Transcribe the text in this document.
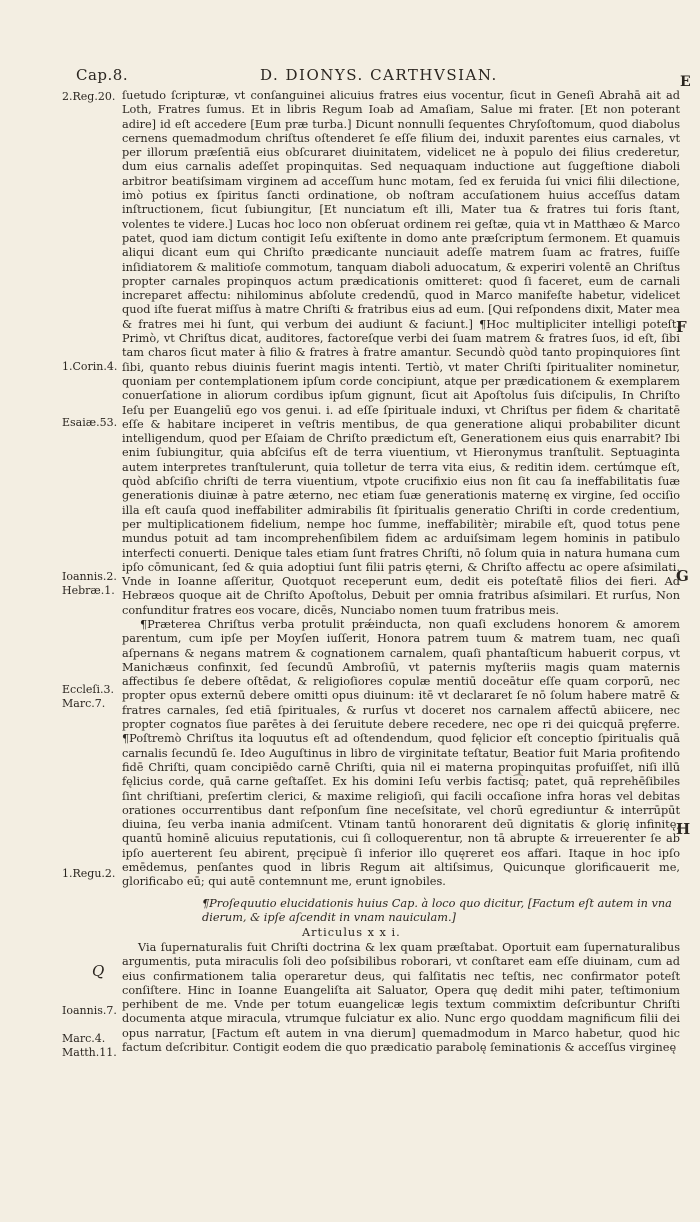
Cap.8.	D. DIONYS. CARTHVSIAN.	E
F
G
H
2.Reg.20.
1.Corin.4.
Esaiæ.53.
Ioannis.2.
Hebræ.1.
Eccleſi.3.
Marc.7.
1.Regu.2.
Ioannis.7.
Marc.4.
Matth.11.

ſuetudo ſcripturæ, vt conſanguinei alicuius fratres eius vocentur, ſicut in Geneſi Abrahā ait ad Loth, Fratres ſumus. Et in libris Regum Ioab ad Amaſiam, Salue mi frater. [Et non poterant adire] id eſt accedere [Eum præ turba.] Dicunt nonnulli ſequentes Chryſoſtomum, quod diabolus cernens quemadmodum chriſtus oſtenderet ſe eſſe filium dei, induxit parentes eius carnales, vt per illorum præſentiā eius obſcuraret diuinitatem, videlicet ne à populo dei filius crederetur, dum eius carnalis adeſſet propinquitas. Sed nequaquam inductione aut ſuggeſtione diaboli arbitror beatiſsimam virginem ad acceſſum hunc motam, ſed ex feruida ſui vnici filii dilectione, imò potius ex ſpiritus ſancti ordinatione, ob noſtram accuſationem huius acceſſus datam inſtructionem, ſicut ſubiungitur, [Et nunciatum eſt illi, Mater tua & fratres tui foris ſtant, volentes te videre.] Lucas hoc loco non obſeruat ordinem rei geſtæ, quia vt in Matthæo & Marco patet, quod iam dictum contigit Ieſu exiſtente in domo ante præſcriptum ſermonem. Et quamuis aliqui dicant eum qui Chriſto prædicante nunciauit adeſſe matrem ſuam ac fratres, fuiſſe inſidiatorem & malitioſe commotum, tanquam diaboli aduocatum, & experiri volentē an Chriſtus propter carnales propinquos actum prædicationis omitteret: quod ſi faceret, eum de carnali increparet affectu: nihilominus abſolute credendū, quod in Marco manifeſte habetur, videlicet quod iſte fuerat miſſus à matre Chriſti & fratribus eius ad eum. [Qui reſpondens dixit, Mater mea & fratres mei hi ſunt, qui verbum dei audiunt & faciunt.] ¶Hoc multipliciter intelligi poteſt. Primò, vt Chriſtus dicat, auditores, factoreſque verbi dei ſuam matrem & fratres ſuos, id eſt, ſibi tam charos ſicut mater à filio & fratres à fratre amantur. Secundò quòd tanto propinquiores ſint ſibi, quanto rebus diuinis fuerint magis intenti. Tertiò, vt mater Chriſti ſpiritualiter nominetur, quoniam per contemplationem ipſum corde concipiunt, atque per prædicationem & exemplarem conuerſatione in aliorum cordibus ipſum gignunt, ſicut ait Apoſtolus ſuis diſcipulis, In Chriſto Ieſu per Euangeliū ego vos genui. i. ad eſſe ſpirituale induxi, vt Chriſtus per fidem & charitatē eſſe & habitare inciperet in veſtris mentibus, de qua generatione aliqui probabiliter dicunt intelligendum, quod per Eſaiam de Chriſto prædictum eſt, Generationem eius quis enarrabit? Ibi enim ſubiungitur, quia abſciſus eſt de terra viuentium, vt Hieronymus tranſtulit. Septuaginta autem interpretes tranſtulerunt, quia tolletur de terra vita eius, & reditin idem. certúmque eſt, quòd abſciſio chriſti de terra viuentium, vtpote crucifixio eius non ſit cau ſa ineffabilitatis ſuæ generationis diuinæ à patre æterno, nec etiam ſuæ generationis maternę ex virgine, ſed occiſio illa eſt cauſa quod ineffabiliter admirabilis ſit ſpiritualis generatio Chriſti in corde credentium, per multiplicationem fidelium, nempe hoc ſumme, ineffabilitèr; mirabile eſt, quod totus pene mundus potuit ad tam incomprehenſibilem fidem ac arduiſsimam legem hominis in patibulo interfecti conuerti. Denique tales etiam ſunt fratres Chriſti, nō ſolum quia in natura humana cum ipſo cōmunicant, ſed & quia adoptiui ſunt filii patris ęterni, & Chriſto affectu ac opere aſsimilati. Vnde in Ioanne aſſeritur, Quotquot receperunt eum, dedit eis poteſtatē filios dei fieri. Ad Hebræos quoque ait de Chriſto Apoſtolus, Debuit per omnia fratribus aſsimilari. Et rurſus, Non confunditur fratres eos vocare, dicēs, Nunciabo nomen tuum fratribus meis.

¶Præterea Chriſtus verba protulit prǽinducta, non quaſi excludens honorem & amorem parentum, cum ipſe per Moyſen iuſſerit, Honora patrem tuum & matrem tuam, nec quaſi aſpernans & negans matrem & cognationem carnalem, quaſi phantaſticum habuerit corpus, vt Manichæus confinxit, ſed ſecundū Ambroſiū, vt paternis myſteriis magis quam maternis affectibus ſe debere oſtēdat, & religioſiores copulæ mentiū doceātur eſſe quam corporū, nec propter opus externū debere omitti opus diuinum: itē vt declararet ſe nō ſolum habere matrē & fratres carnales, ſed etiā ſpirituales, & rurſus vt doceret nos carnalem affectū abiicere, nec propter cognatos ſiue parētes à dei ſeruitute debere recedere, nec ope ri dei quicquā pręferre. ¶Poſtremò Chriſtus ita loquutus eſt ad oſtendendum, quod fęlicior eſt conceptio ſpiritualis quā carnalis ſecundū ſe. Ideo Auguſtinus in libro de virginitate teſtatur, Beatior fuit Maria profitendo fidē Chriſti, quam concipiēdo carnē Chriſti, quia nil ei materna propinquitas profuiſſet, niſi illū fęlicius corde, quā carne geſtaſſet. Ex his domini Ieſu verbis factis͡q; patet, quā reprehēſibiles ſint chriſtiani, preſertim clerici, & maxime religioſi, qui facili occaſione infra horas vel debitas orationes occurrentibus dant reſponſum ſine neceſsitate, vel chorū egrediuntur & interrūpūt diuina, ſeu verba inania admiſcent. Vtinam tantū honorarent deū dignitatis & glorię infinitę, quantū hominē alicuius reputationis, cui ſi colloquerentur, non tā abrupte & irreuerenter ſe ab ipſo auerterent ſeu abirent, pręcipuè ſi inferior illo quęreret eos affari. Itaque in hoc ipſo emēdemus, penſantes quod in libris Regum ait altiſsimus, Quicunque glorificauerit me, glorificabo eū; qui autē contemnunt me, erunt ignobiles.

¶Proſequutio elucidationis huius Cap. à loco quo dicitur, [Factum eſt autem in vna dierum, & ipſe aſcendit in vnam nauiculam.]

Articulus x x i.

Via ſupernaturalis fuit Chriſti doctrina & lex quam præſtabat. Oportuit eam ſupernaturalibus argumentis, puta miraculis ſoli deo poſsibilibus roborari, vt conſtaret eam eſſe diuinam, cum ad eius confirmationem talia operaretur deus, qui falſitatis nec teſtis, nec confirmator poteſt conſiſtere. Hinc in Ioanne Euangeliſta ait Saluator, Opera quę dedit mihi pater, teſtimonium perhibent de me. Vnde per totum euangelicæ legis textum commixtim deſcribuntur Chriſti documenta atque miracula, vtrumque fulciatur ex alio. Nunc ergo quoddam magnificum filii dei opus narratur, [Factum eſt autem in vna dierum] quemadmodum in Marco habetur, quod hic factum deſcribitur. Contigit eodem die quo prædicatio parabolę ſeminationis & acceſſus virgineę

Q
